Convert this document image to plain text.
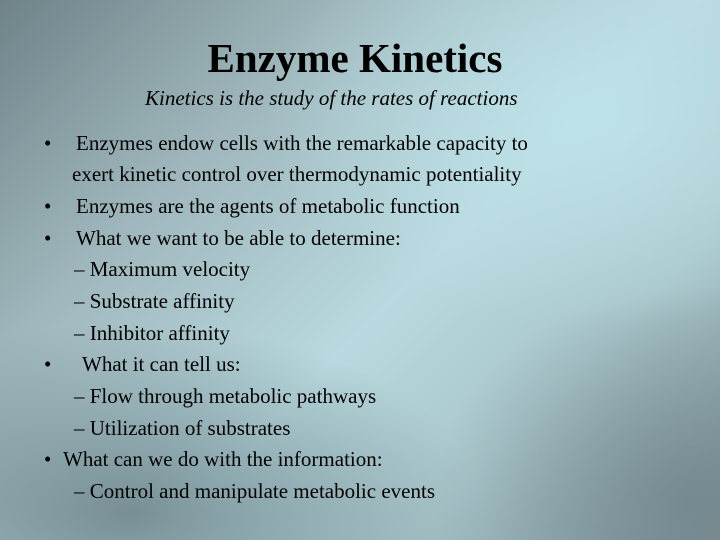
Enzyme Kinetics
Kinetics is the study of the rates of reactions
• Enzymes endow cells with the remarkable capacity to
exert kinetic control over thermodynamic potentiality
• Enzymes are the agents of metabolic function
• What we want to be able to determine:
– Maximum velocity
– Substrate affinity
– Inhibitor affinity
• What it can tell us:
– Flow through metabolic pathways
– Utilization of substrates
• What can we do with the information:
– Control and manipulate metabolic events
